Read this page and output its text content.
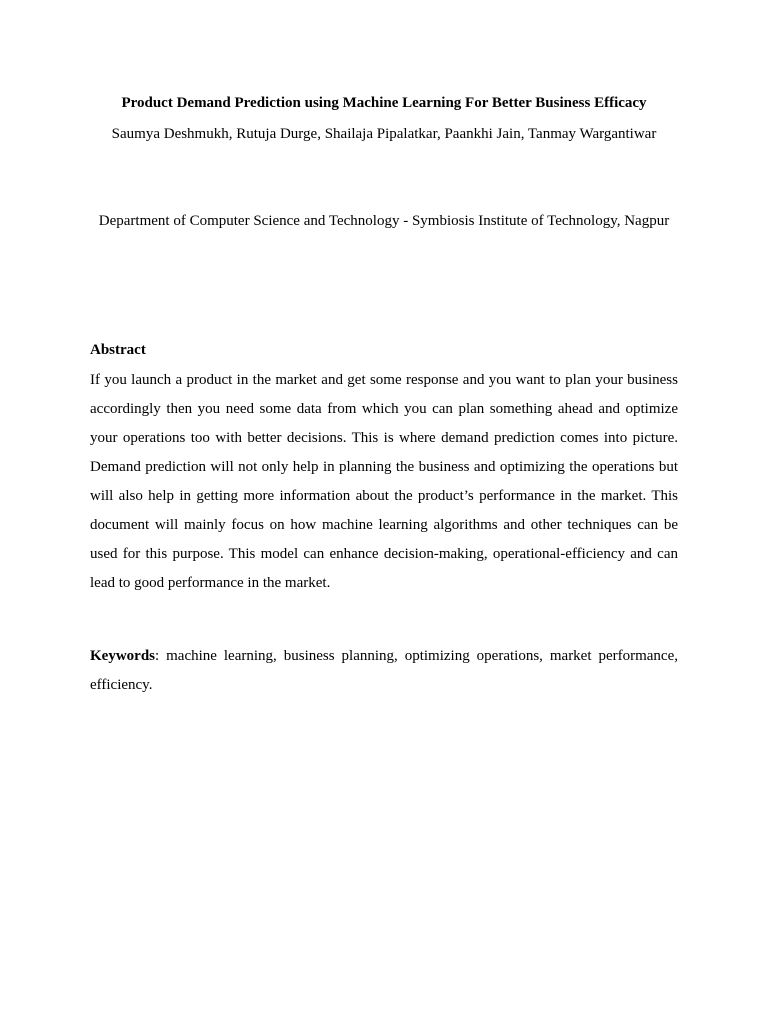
Product Demand Prediction using Machine Learning For Better Business Efficacy

Saumya Deshmukh, Rutuja Durge, Shailaja Pipalatkar, Paankhi Jain, Tanmay Wargantiwar

Department of Computer Science and Technology - Symbiosis Institute of Technology, Nagpur

Abstract

If you launch a product in the market and get some response and you want to plan your business accordingly then you need some data from which you can plan something ahead and optimize your operations too with better decisions. This is where demand prediction comes into picture. Demand prediction will not only help in planning the business and optimizing the operations but will also help in getting more information about the product’s performance in the market. This document will mainly focus on how machine learning algorithms and other techniques can be used for this purpose. This model can enhance decision-making, operational-efficiency and can lead to good performance in the market.

Keywords: machine learning, business planning, optimizing operations, market performance, efficiency.
